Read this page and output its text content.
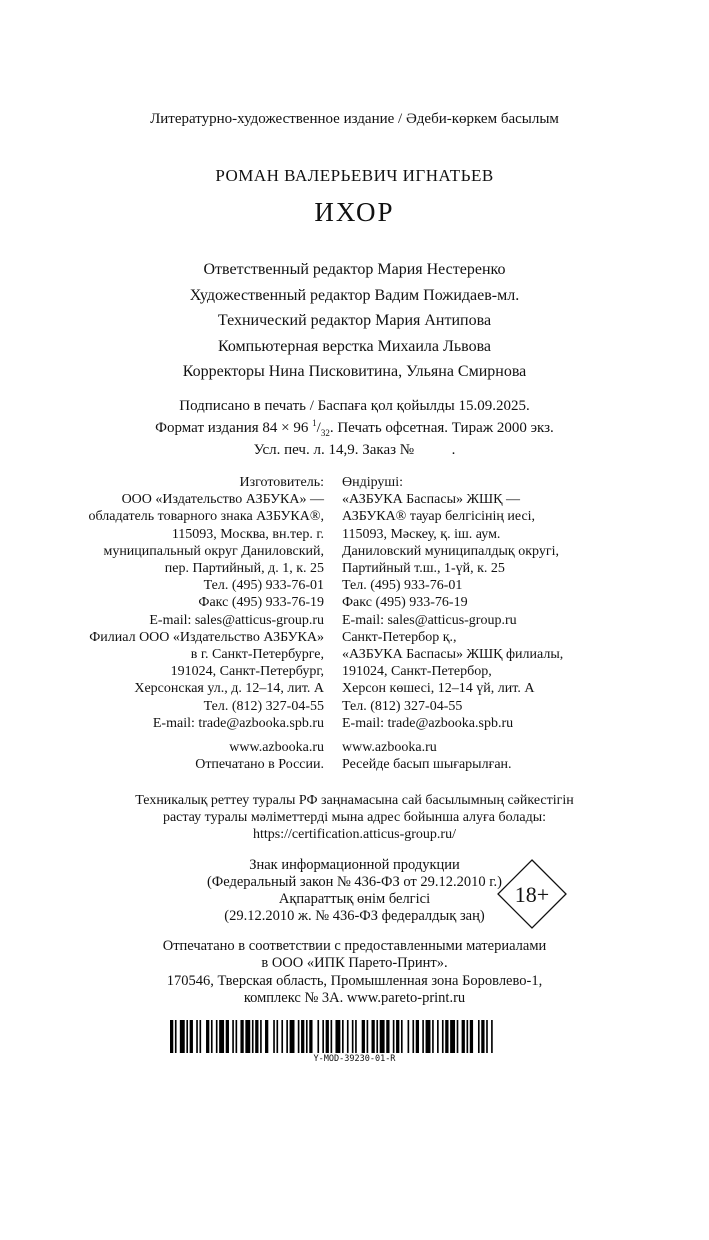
Литературно-художественное издание / Әдеби-көркем басылым
РОМАН ВАЛЕРЬЕВИЧ ИГНАТЬЕВ
ИХОР
Ответственный редактор Мария Нестеренко
Художественный редактор Вадим Пожидаев-мл.
Технический редактор Мария Антипова
Компьютерная верстка Михаила Львова
Корректоры Нина Писковитина, Ульяна Смирнова
Подписано в печать / Баспаға қол қойылды 15.09.2025.
Формат издания 84 × 96 $^1/_{32}$. Печать офсетная. Тираж 2000 экз.
Усл. печ. л. 14,9. Заказ №          .
Изготовитель:
ООО «Издательство АЗБУКА» —
обладатель товарного знака АЗБУКА®,
115093, Москва, вн.тер. г.
муниципальный округ Даниловский,
пер. Партийный, д. 1, к. 25
Тел. (495) 933-76-01
Факс (495) 933-76-19
E-mail: sales@atticus-group.ru
Филиал ООО «Издательство АЗБУКА»
в г. Санкт-Петербурге,
191024, Санкт-Петербург,
Херсонская ул., д. 12–14, лит. А
Тел. (812) 327-04-55
E-mail: trade@azbooka.spb.ru
www.azbooka.ru
Отпечатано в России.
Өндіруші:
«АЗБУКА Баспасы» ЖШҚ —
АЗБУКА® тауар белгісінің иесі,
115093, Мәскеу, қ. іш. аум.
Даниловский муниципалдық округі,
Партийный т.ш., 1-үй, к. 25
Тел. (495) 933-76-01
Факс (495) 933-76-19
E-mail: sales@atticus-group.ru
Санкт-Петербор қ.,
«АЗБУКА Баспасы» ЖШҚ филиалы,
191024, Санкт-Петербор,
Херсон көшесі, 12–14 үй, лит. А
Тел. (812) 327-04-55
E-mail: trade@azbooka.spb.ru
www.azbooka.ru
Ресейде басып шығарылған.
Техникалық реттеу туралы РФ заңнамасына сай басылымның сәйкестігін
растау туралы мәліметтерді мына адрес бойынша алуға болады:
https://certification.atticus-group.ru/
Знак информационной продукции
(Федеральный закон № 436-ФЗ от 29.12.2010 г.)
Ақпараттық өнім белгісі
(29.12.2010 ж. № 436-ФЗ федералдық заң)
18+
Отпечатано в соответствии с предоставленными материалами
в ООО «ИПК Парето-Принт».
170546, Тверская область, Промышленная зона Боровлево-1,
комплекс № 3А. www.pareto-print.ru
Y-MOD-39230-01-R
